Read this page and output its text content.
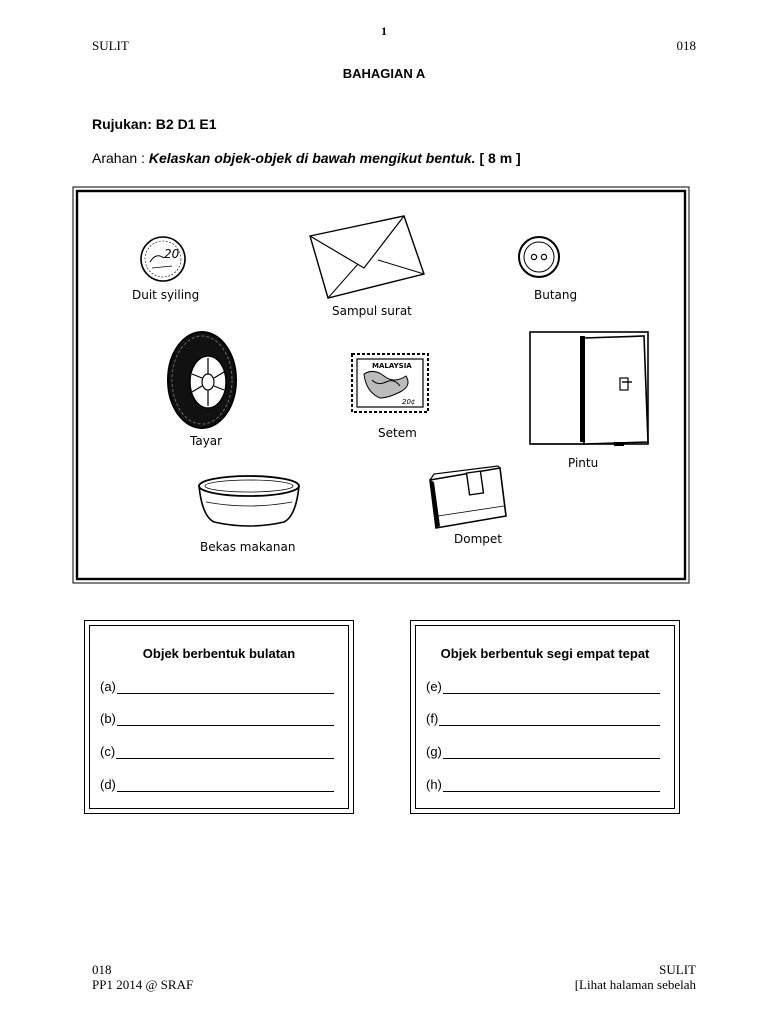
1
SULIT	018
BAHAGIAN A
Rujukan: B2 D1 E1
Arahan : Kelaskan objek-objek di bawah mengikut bentuk. [ 8 m ]
20
Duit syiling
Sampul surat
Butang
Tayar
MALAYSIA
20¢
Setem
Pintu
Bekas makanan
Dompet
Objek berbentuk bulatan
(a)
(b)
(c)
(d)
Objek berbentuk segi empat tepat
(e)
(f)
(g)
(h)
018
PP1 2014 @ SRAF
SULIT
[Lihat halaman sebelah
